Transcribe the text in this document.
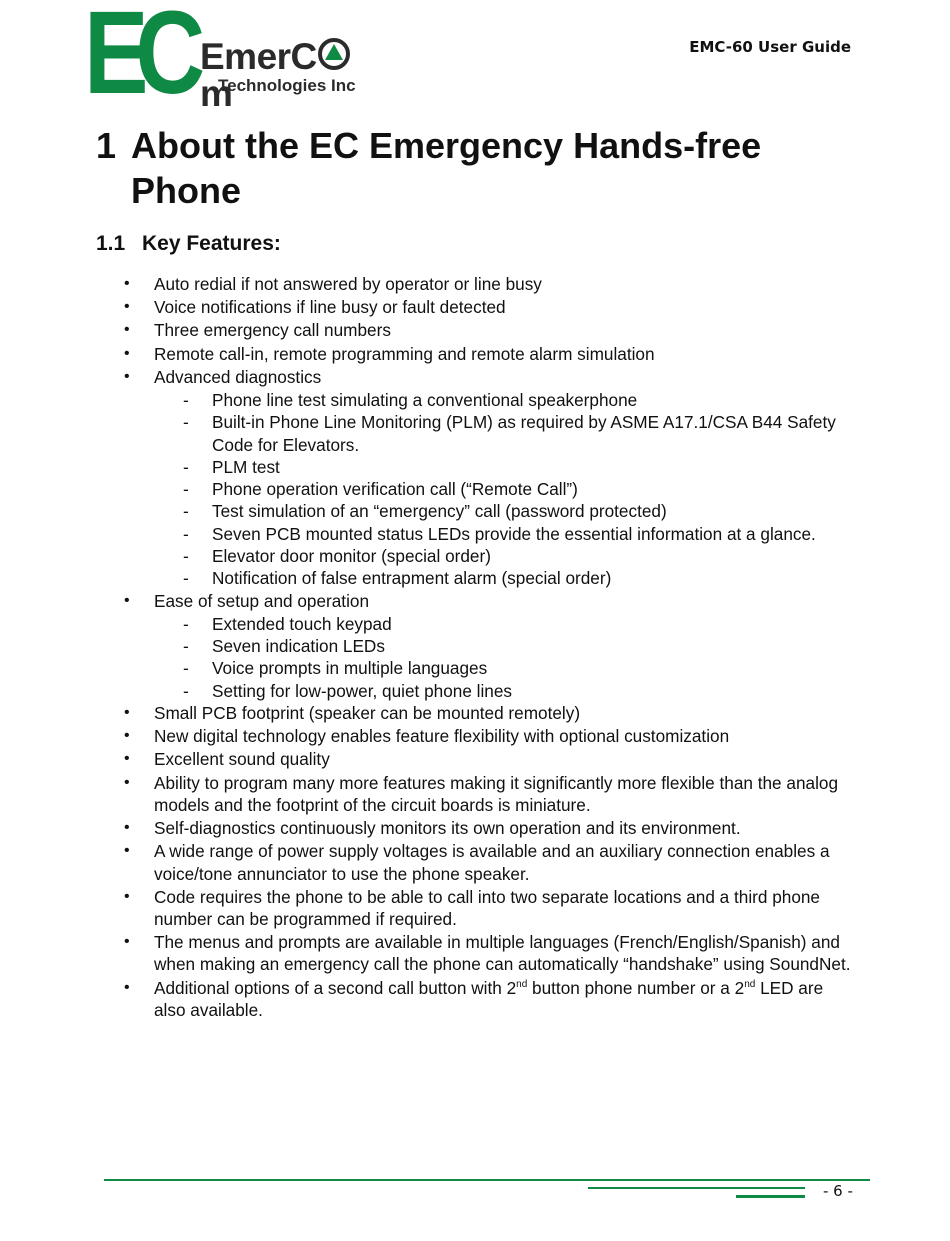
EC EmerCm
Technologies Inc
EMC-60 User Guide
1 About the EC Emergency Hands-free Phone
1.1 Key Features:
•	Auto redial if not answered by operator or line busy
•	Voice notifications if line busy or fault detected
•	Three emergency call numbers
•	Remote call-in, remote programming and remote alarm simulation
•	Advanced diagnostics
- Phone line test simulating a conventional speakerphone
- Built-in Phone Line Monitoring (PLM) as required by ASME A17.1/CSA B44 Safety Code for Elevators.
- PLM test
- Phone operation verification call (“Remote Call”)
- Test simulation of an “emergency” call (password protected)
- Seven PCB mounted status LEDs provide the essential information at a glance.
- Elevator door monitor (special order)
- Notification of false entrapment alarm (special order)
•	Ease of setup and operation
- Extended touch keypad
- Seven indication LEDs
- Voice prompts in multiple languages
- Setting for low-power, quiet phone lines
•	Small PCB footprint (speaker can be mounted remotely)
•	New digital technology enables feature flexibility with optional customization
•	Excellent sound quality
•	Ability to program many more features making it significantly more flexible than the analog models and the footprint of the circuit boards is miniature.
•	Self-diagnostics continuously monitors its own operation and its environment.
•	A wide range of power supply voltages is available and an auxiliary connection enables a voice/tone annunciator to use the phone speaker.
•	Code requires the phone to be able to call into two separate locations and a third phone number can be programmed if required.
•	The menus and prompts are available in multiple languages (French/English/Spanish) and when making an emergency call the phone can automatically “handshake” using SoundNet.
•	Additional options of a second call button with 2nd button phone number or a 2nd LED are also available.
- 6 -
